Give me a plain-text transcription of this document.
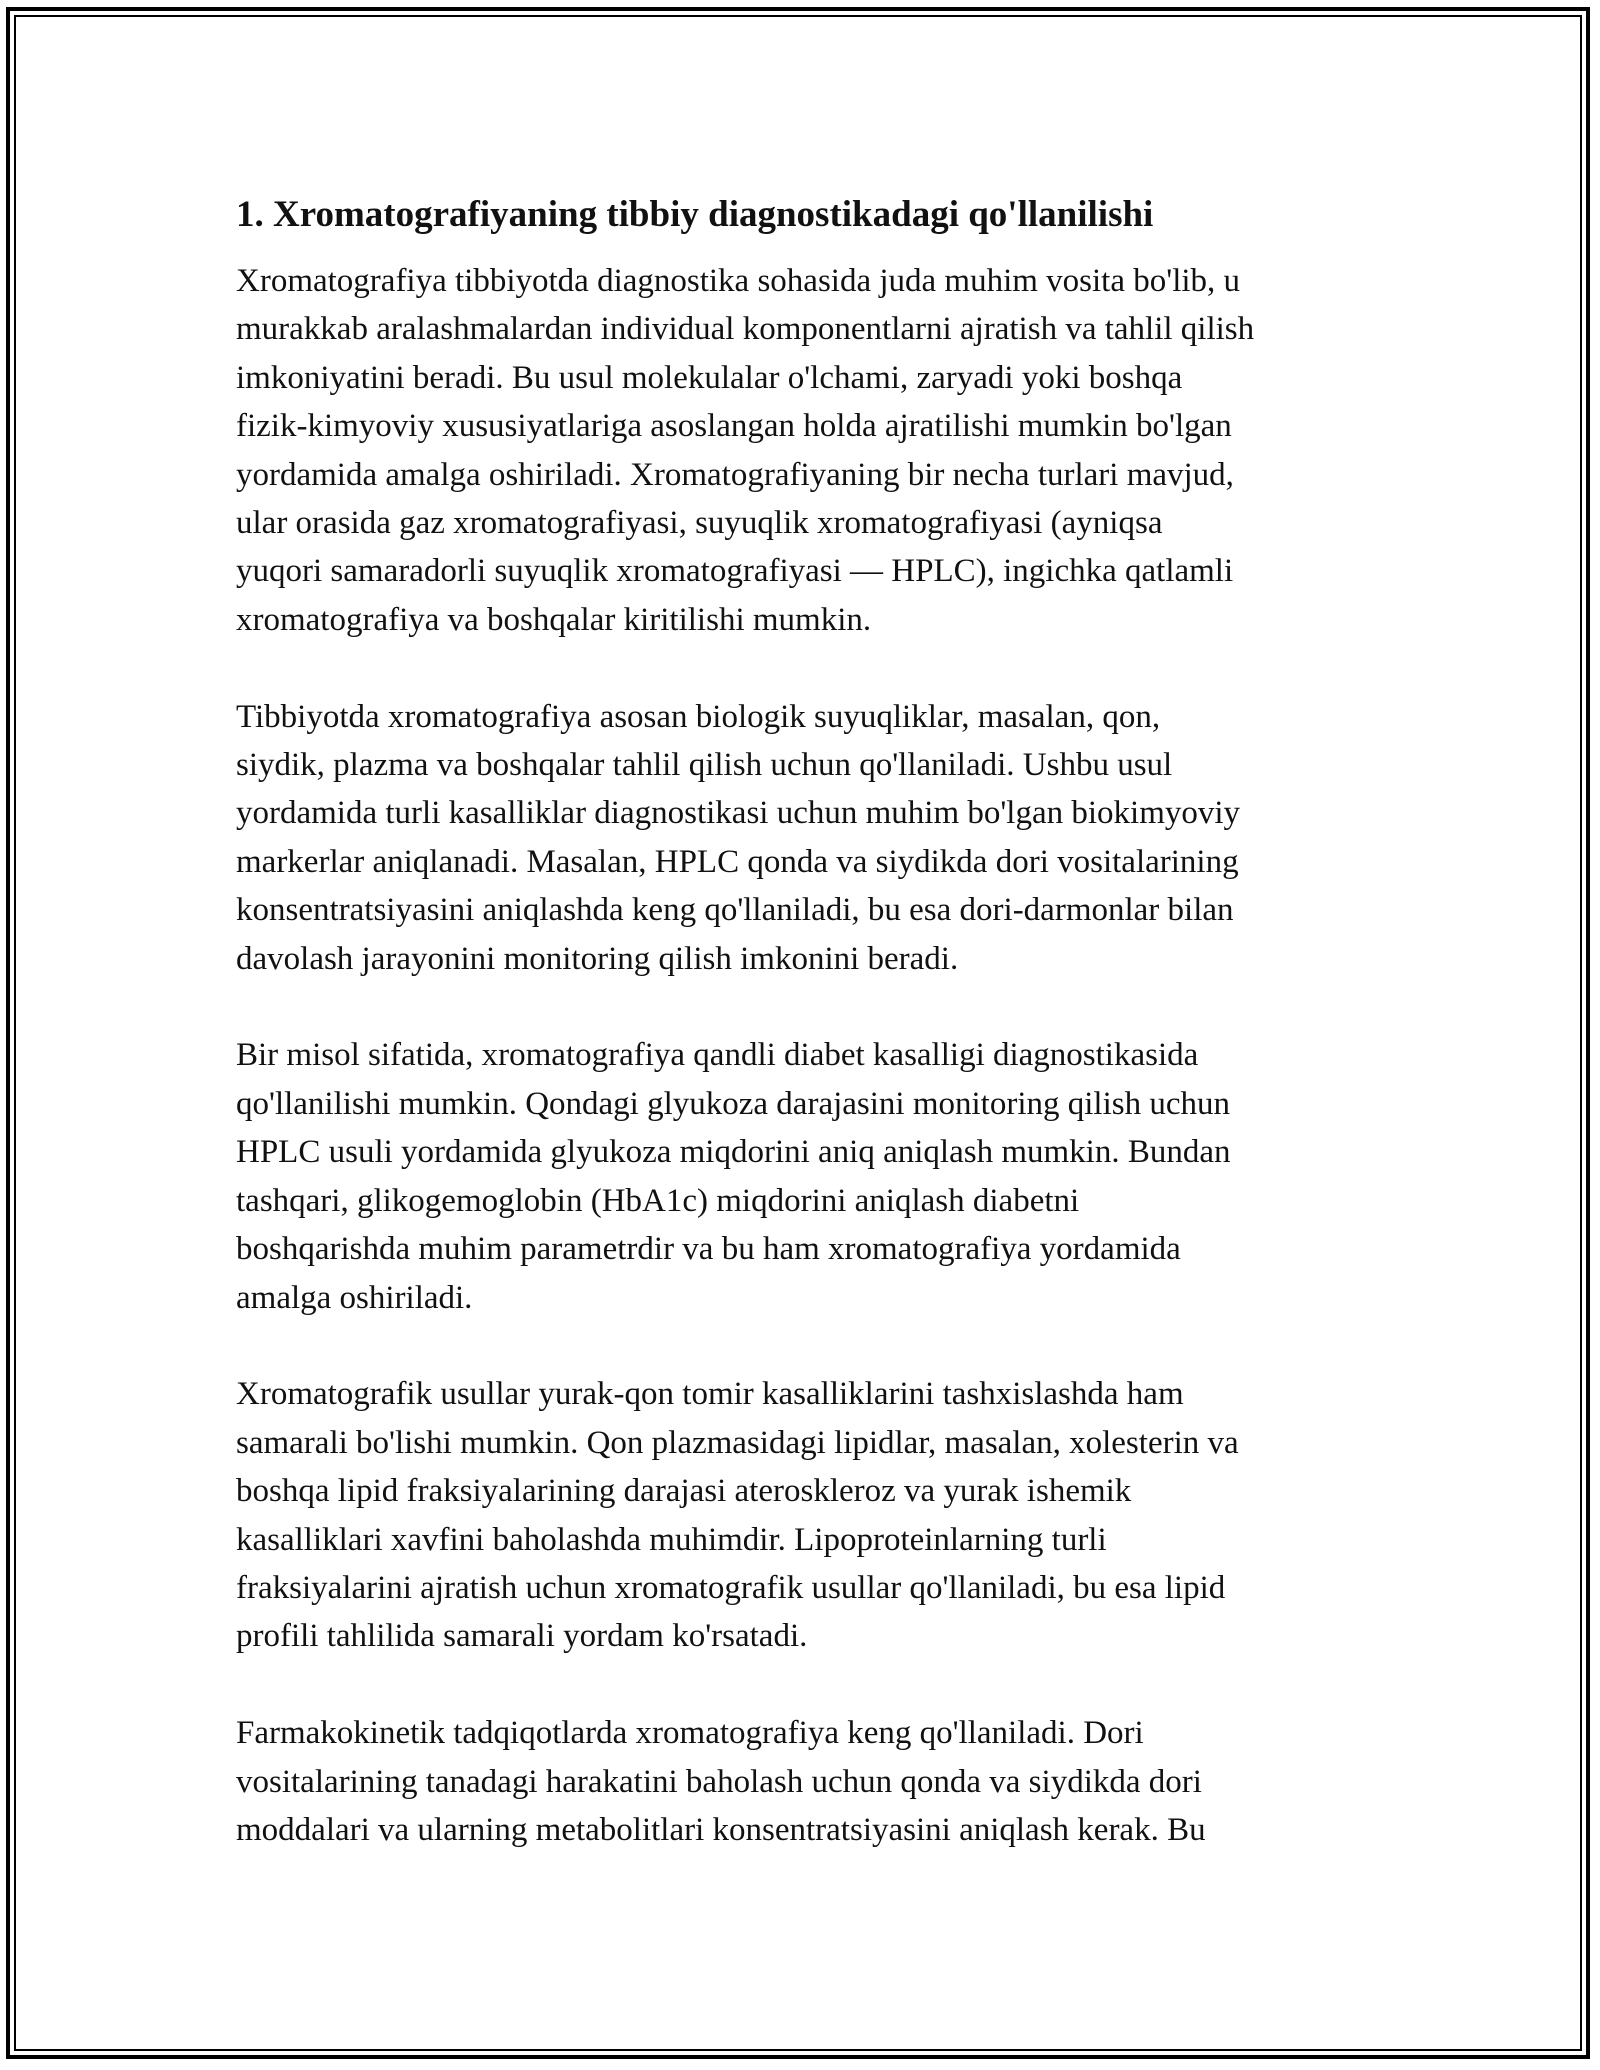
1. Xromatografiyaning tibbiy diagnostikadagi qo'llanilishi

Xromatografiya tibbiyotda diagnostika sohasida juda muhim vosita bo'lib, u
murakkab aralashmalardan individual komponentlarni ajratish va tahlil qilish
imkoniyatini beradi. Bu usul molekulalar o'lchami, zaryadi yoki boshqa
fizik-kimyoviy xususiyatlariga asoslangan holda ajratilishi mumkin bo'lgan
yordamida amalga oshiriladi. Xromatografiyaning bir necha turlari mavjud,
ular orasida gaz xromatografiyasi, suyuqlik xromatografiyasi (ayniqsa
yuqori samaradorli suyuqlik xromatografiyasi — HPLC), ingichka qatlamli
xromatografiya va boshqalar kiritilishi mumkin.

Tibbiyotda xromatografiya asosan biologik suyuqliklar, masalan, qon,
siydik, plazma va boshqalar tahlil qilish uchun qo'llaniladi. Ushbu usul
yordamida turli kasalliklar diagnostikasi uchun muhim bo'lgan biokimyoviy
markerlar aniqlanadi. Masalan, HPLC qonda va siydikda dori vositalarining
konsentratsiyasini aniqlashda keng qo'llaniladi, bu esa dori-darmonlar bilan
davolash jarayonini monitoring qilish imkonini beradi.

Bir misol sifatida, xromatografiya qandli diabet kasalligi diagnostikasida
qo'llanilishi mumkin. Qondagi glyukoza darajasini monitoring qilish uchun
HPLC usuli yordamida glyukoza miqdorini aniq aniqlash mumkin. Bundan
tashqari, glikogemoglobin (HbA1c) miqdorini aniqlash diabetni
boshqarishda muhim parametrdir va bu ham xromatografiya yordamida
amalga oshiriladi.

Xromatografik usullar yurak-qon tomir kasalliklarini tashxislashda ham
samarali bo'lishi mumkin. Qon plazmasidagi lipidlar, masalan, xolesterin va
boshqa lipid fraksiyalarining darajasi ateroskleroz va yurak ishemik
kasalliklari xavfini baholashda muhimdir. Lipoproteinlarning turli
fraksiyalarini ajratish uchun xromatografik usullar qo'llaniladi, bu esa lipid
profili tahlilida samarali yordam ko'rsatadi.

Farmakokinetik tadqiqotlarda xromatografiya keng qo'llaniladi. Dori
vositalarining tanadagi harakatini baholash uchun qonda va siydikda dori
moddalari va ularning metabolitlari konsentratsiyasini aniqlash kerak. Bu
